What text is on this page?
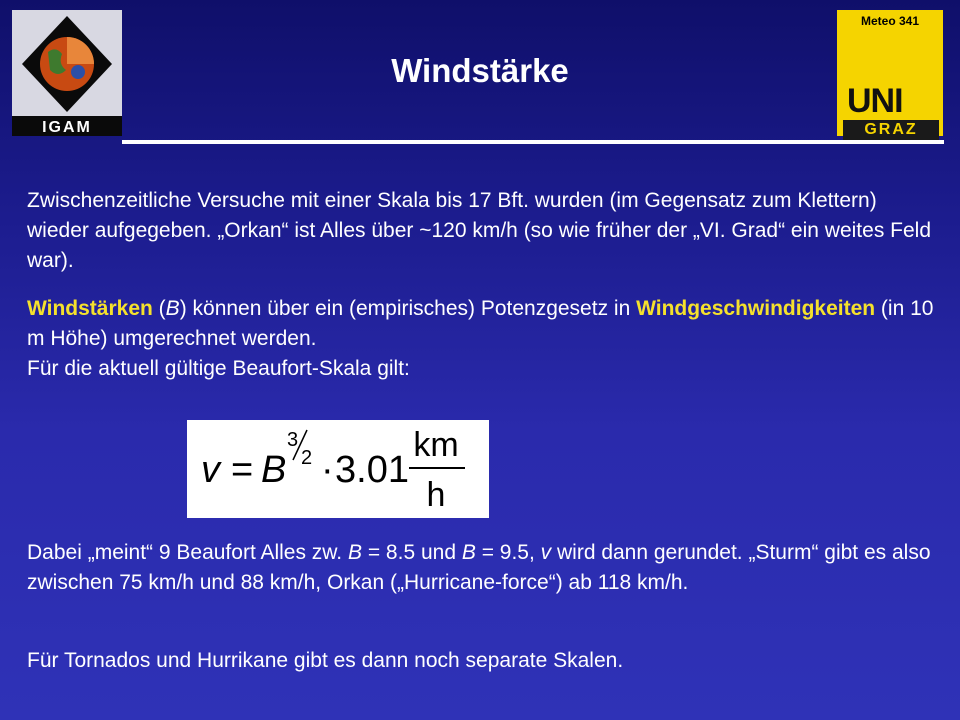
IGAM
Meteo 341
UNI
GRAZ
Windstärke
Zwischenzeitliche Versuche mit einer Skala bis 17 Bft. wurden (im Gegensatz zum Klettern) wieder aufgegeben. „Orkan“ ist Alles über ~120 km/h (so wie früher der „VI. Grad“ ein weites Feld war).
Windstärken (B) können über ein (empirisches) Potenzgesetz in Windgeschwindigkeiten (in 10 m Höhe) umgerechnet werden.
Für die aktuell gültige Beaufort-Skala gilt:
v = B
3
2 · 3.01
km
h
Dabei „meint“ 9 Beaufort Alles zw. B = 8.5 und B = 9.5, v wird dann gerundet. „Sturm“ gibt es also zwischen 75 km/h und 88 km/h, Orkan („Hurricane-force“) ab 118 km/h.
Für Tornados und Hurrikane gibt es dann noch separate Skalen.
